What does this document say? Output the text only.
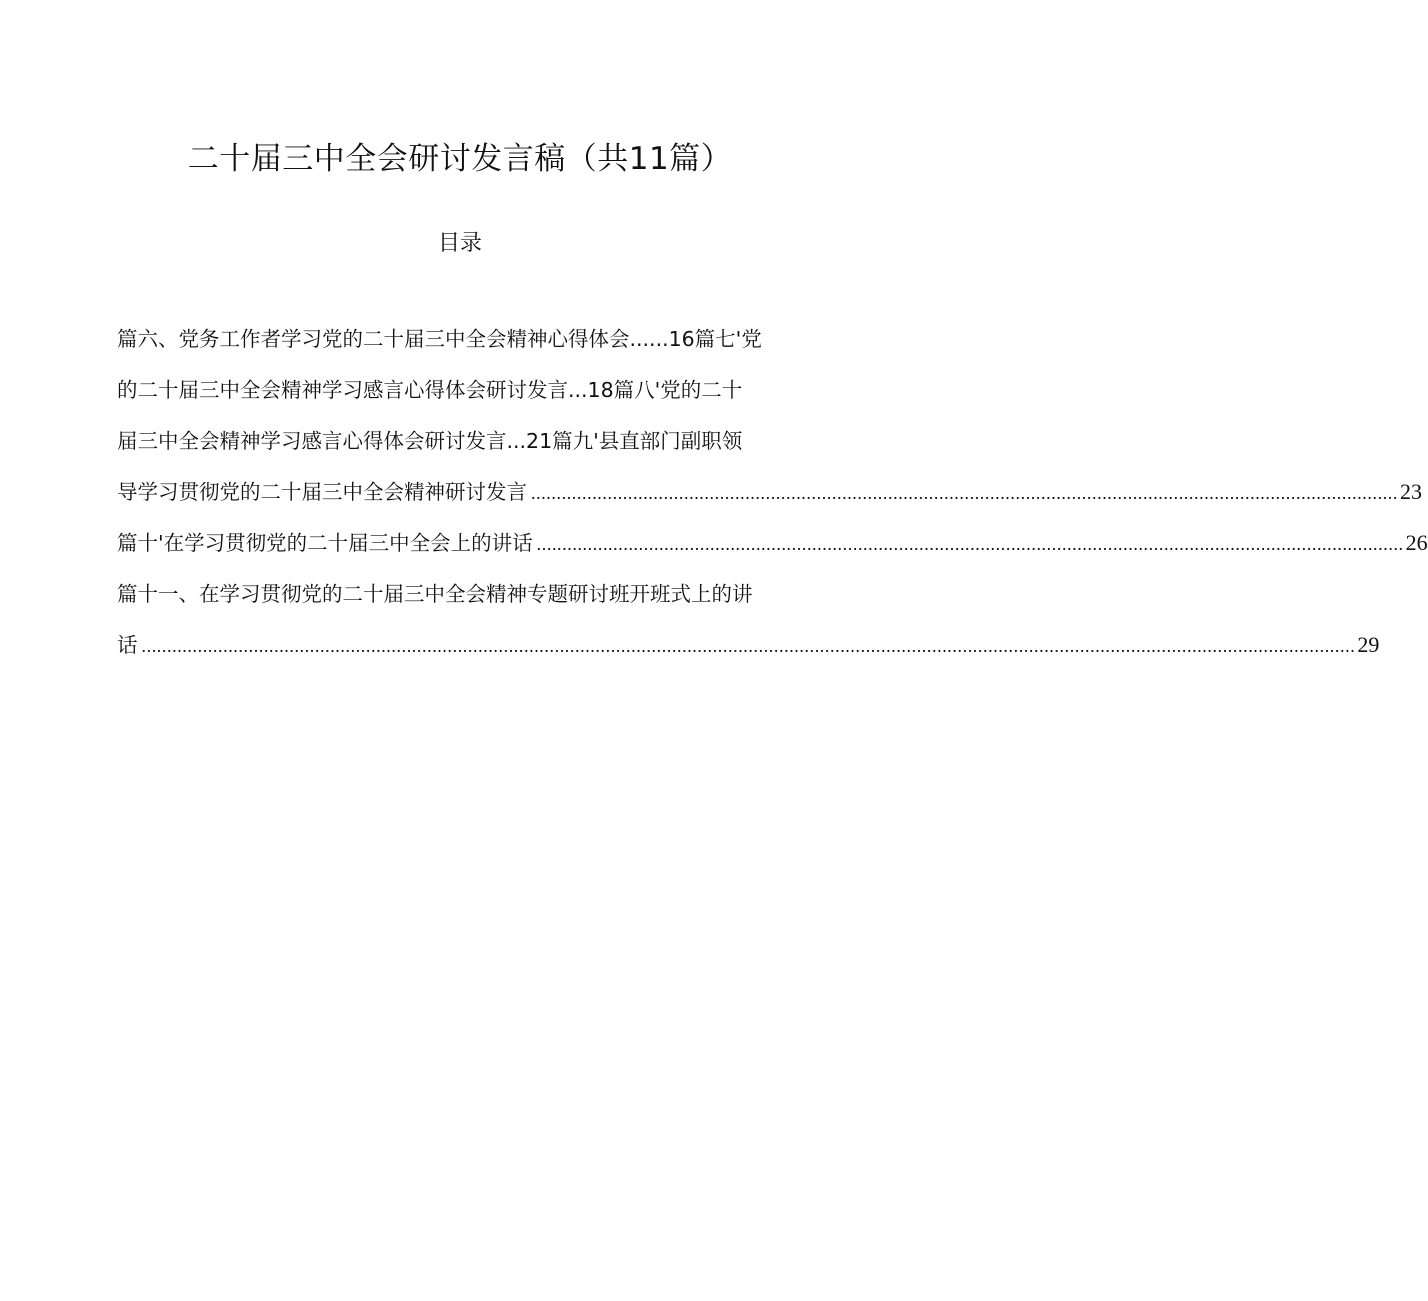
二十届三中全会研讨发言稿（共11篇）
目录
篇六、党务工作者学习党的二十届三中全会精神心得体会......16篇七'党
的二十届三中全会精神学习感言心得体会研讨发言...18篇八'党的二十
届三中全会精神学习感言心得体会研讨发言...21篇九'县直部门副职领
导学习贯彻党的二十届三中全会精神研讨发言 .......................................................................................................................................................................... 23
篇十'在学习贯彻党的二十届三中全会上的讲话 .......................................................................................................................................................................... 26
篇十一、在学习贯彻党的二十届三中全会精神专题研讨班开班式上的讲
话 .............................................................................................................................................................................................................................................. 29
